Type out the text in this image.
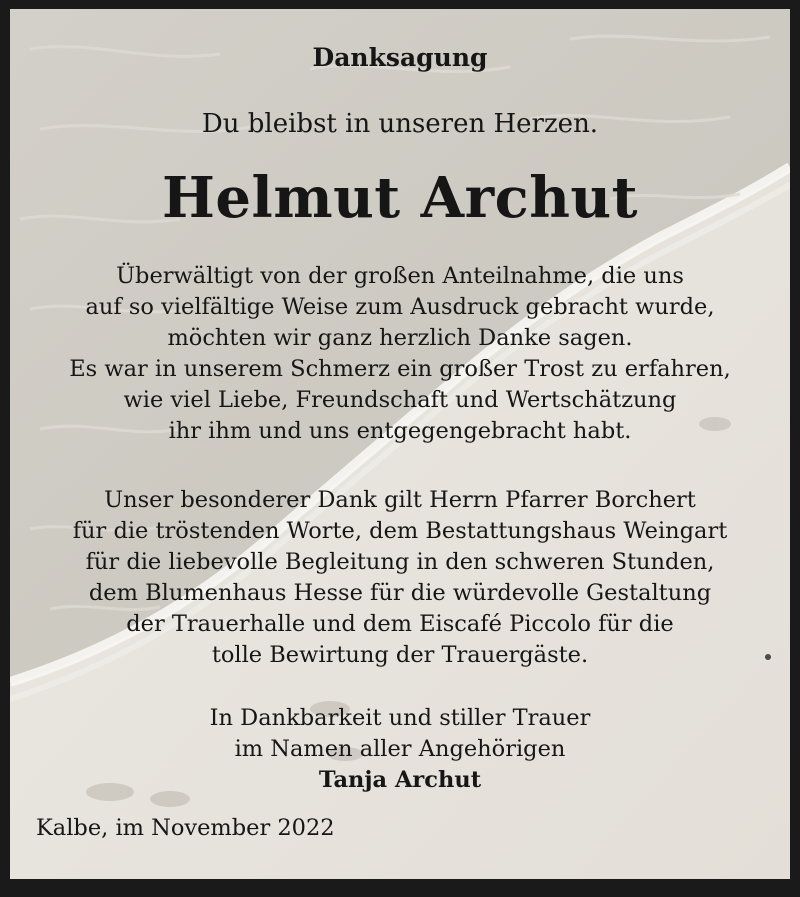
Danksagung
Du bleibst in unseren Herzen.
Helmut Archut
Überwältigt von der großen Anteilnahme, die uns
auf so vielfältige Weise zum Ausdruck gebracht wurde,
möchten wir ganz herzlich Danke sagen.
Es war in unserem Schmerz ein großer Trost zu erfahren,
wie viel Liebe, Freundschaft und Wertschätzung
ihr ihm und uns entgegengebracht habt.
Unser besonderer Dank gilt Herrn Pfarrer Borchert
für die tröstenden Worte, dem Bestattungshaus Weingart
für die liebevolle Begleitung in den schweren Stunden,
dem Blumenhaus Hesse für die würdevolle Gestaltung
der Trauerhalle und dem Eiscafé Piccolo für die
tolle Bewirtung der Trauergäste.
In Dankbarkeit und stiller Trauer
im Namen aller Angehörigen
Tanja Archut
Kalbe, im November 2022
